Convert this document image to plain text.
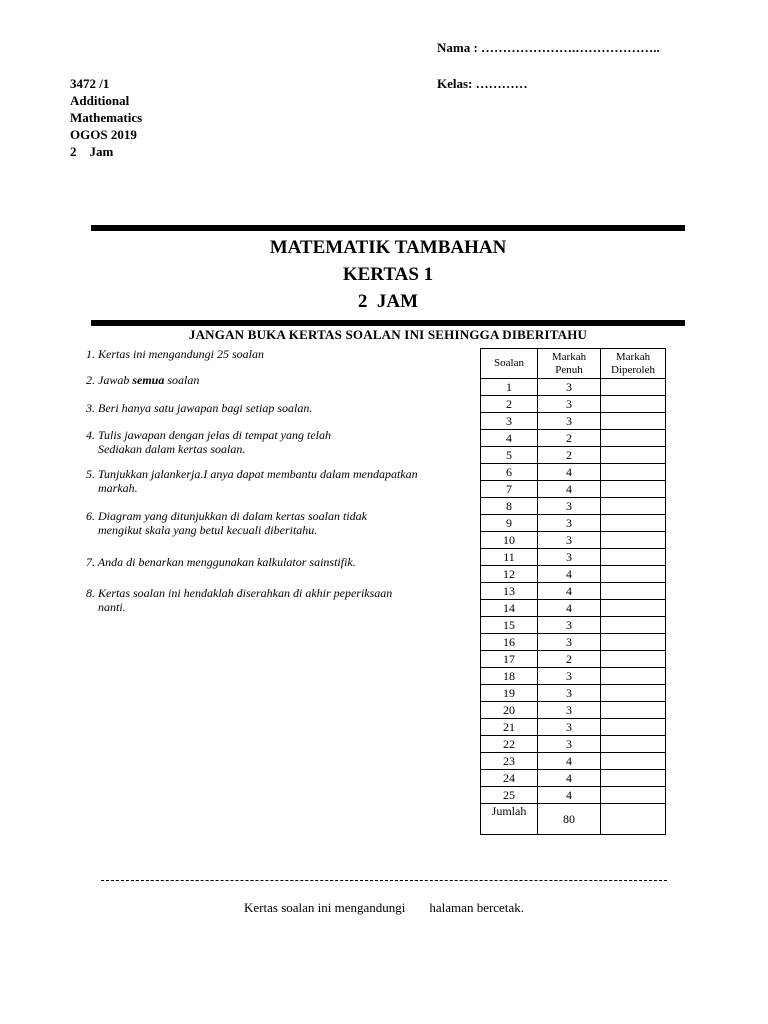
Nama : ………………….………………..
Kelas: …………
3472 /1
Additional
Mathematics
OGOS 2019
2    Jam
MATEMATIK TAMBAHAN
KERTAS 1
2  JAM
JANGAN BUKA KERTAS SOALAN INI SEHINGGA DIBERITAHU
1. Kertas ini mengandungi 25 soalan
2. Jawab semua soalan
3. Beri hanya satu jawapan bagi setiap soalan.
4. Tulis jawapan dengan jelas di tempat yang telah
Sediakan dalam kertas soalan.
5. Tunjukkan jalankerja.I anya dapat membantu dalam mendapatkan
markah.
6. Diagram yang ditunjukkan di dalam kertas soalan tidak
mengikut skala yang betul kecuali diberitahu.
7. Anda di benarkan menggunakan kalkulator sainstifik.
8. Kertas soalan ini hendaklah diserahkan di akhir peperiksaan
nanti.
Soalan	Markah Penuh	Markah Diperoleh
1	3	
2	3	
3	3	
4	2	
5	2	
6	4	
7	4	
8	3	
9	3	
10	3	
11	3	
12	4	
13	4	
14	4	
15	3	
16	3	
17	2	
18	3	
19	3	
20	3	
21	3	
22	3	
23	4	
24	4	
25	4	
Jumlah	80	
Kertas soalan ini mengandungi halaman bercetak.
